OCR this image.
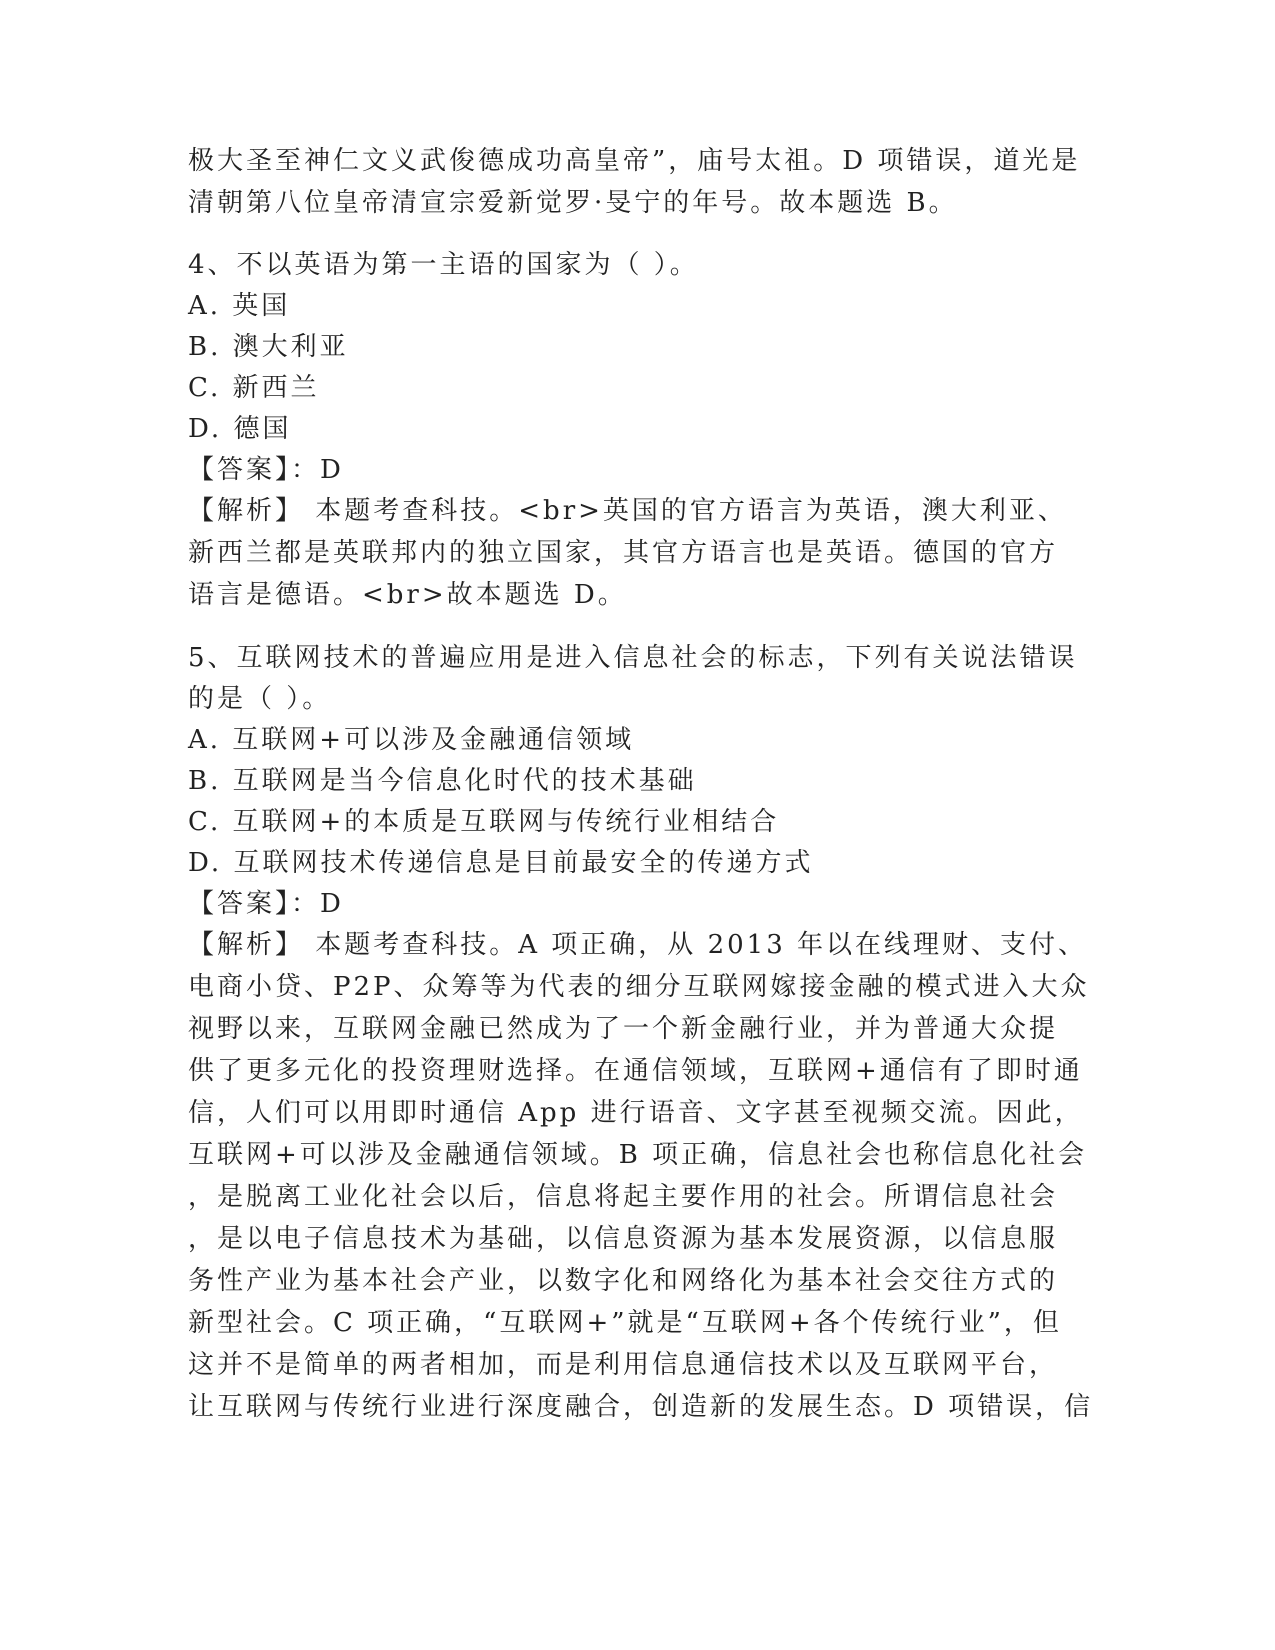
极大圣至神仁文义武俊德成功高皇帝”，庙号太祖。D 项错误，道光是
清朝第八位皇帝清宣宗爱新觉罗·旻宁的年号。故本题选 B。
4、不以英语为第一主语的国家为（ ）。
A. 英国
B. 澳大利亚
C. 新西兰
D. 德国
【答案】：D
【解析】 本题考查科技。<br>英国的官方语言为英语，澳大利亚、
新西兰都是英联邦内的独立国家，其官方语言也是英语。德国的官方
语言是德语。<br>故本题选 D。
5、互联网技术的普遍应用是进入信息社会的标志，下列有关说法错误
的是（ ）。
A. 互联网+可以涉及金融通信领域
B. 互联网是当今信息化时代的技术基础
C. 互联网+的本质是互联网与传统行业相结合
D. 互联网技术传递信息是目前最安全的传递方式
【答案】：D
【解析】 本题考查科技。A 项正确，从 2013 年以在线理财、支付、
电商小贷、P2P、众筹等为代表的细分互联网嫁接金融的模式进入大众
视野以来，互联网金融已然成为了一个新金融行业，并为普通大众提
供了更多元化的投资理财选择。在通信领域，互联网+通信有了即时通
信，人们可以用即时通信 App 进行语音、文字甚至视频交流。因此，
互联网+可以涉及金融通信领域。B 项正确，信息社会也称信息化社会
，是脱离工业化社会以后，信息将起主要作用的社会。所谓信息社会
，是以电子信息技术为基础，以信息资源为基本发展资源，以信息服
务性产业为基本社会产业，以数字化和网络化为基本社会交往方式的
新型社会。C 项正确，“互联网+”就是“互联网+各个传统行业”，但
这并不是简单的两者相加，而是利用信息通信技术以及互联网平台，
让互联网与传统行业进行深度融合，创造新的发展生态。D 项错误，信
